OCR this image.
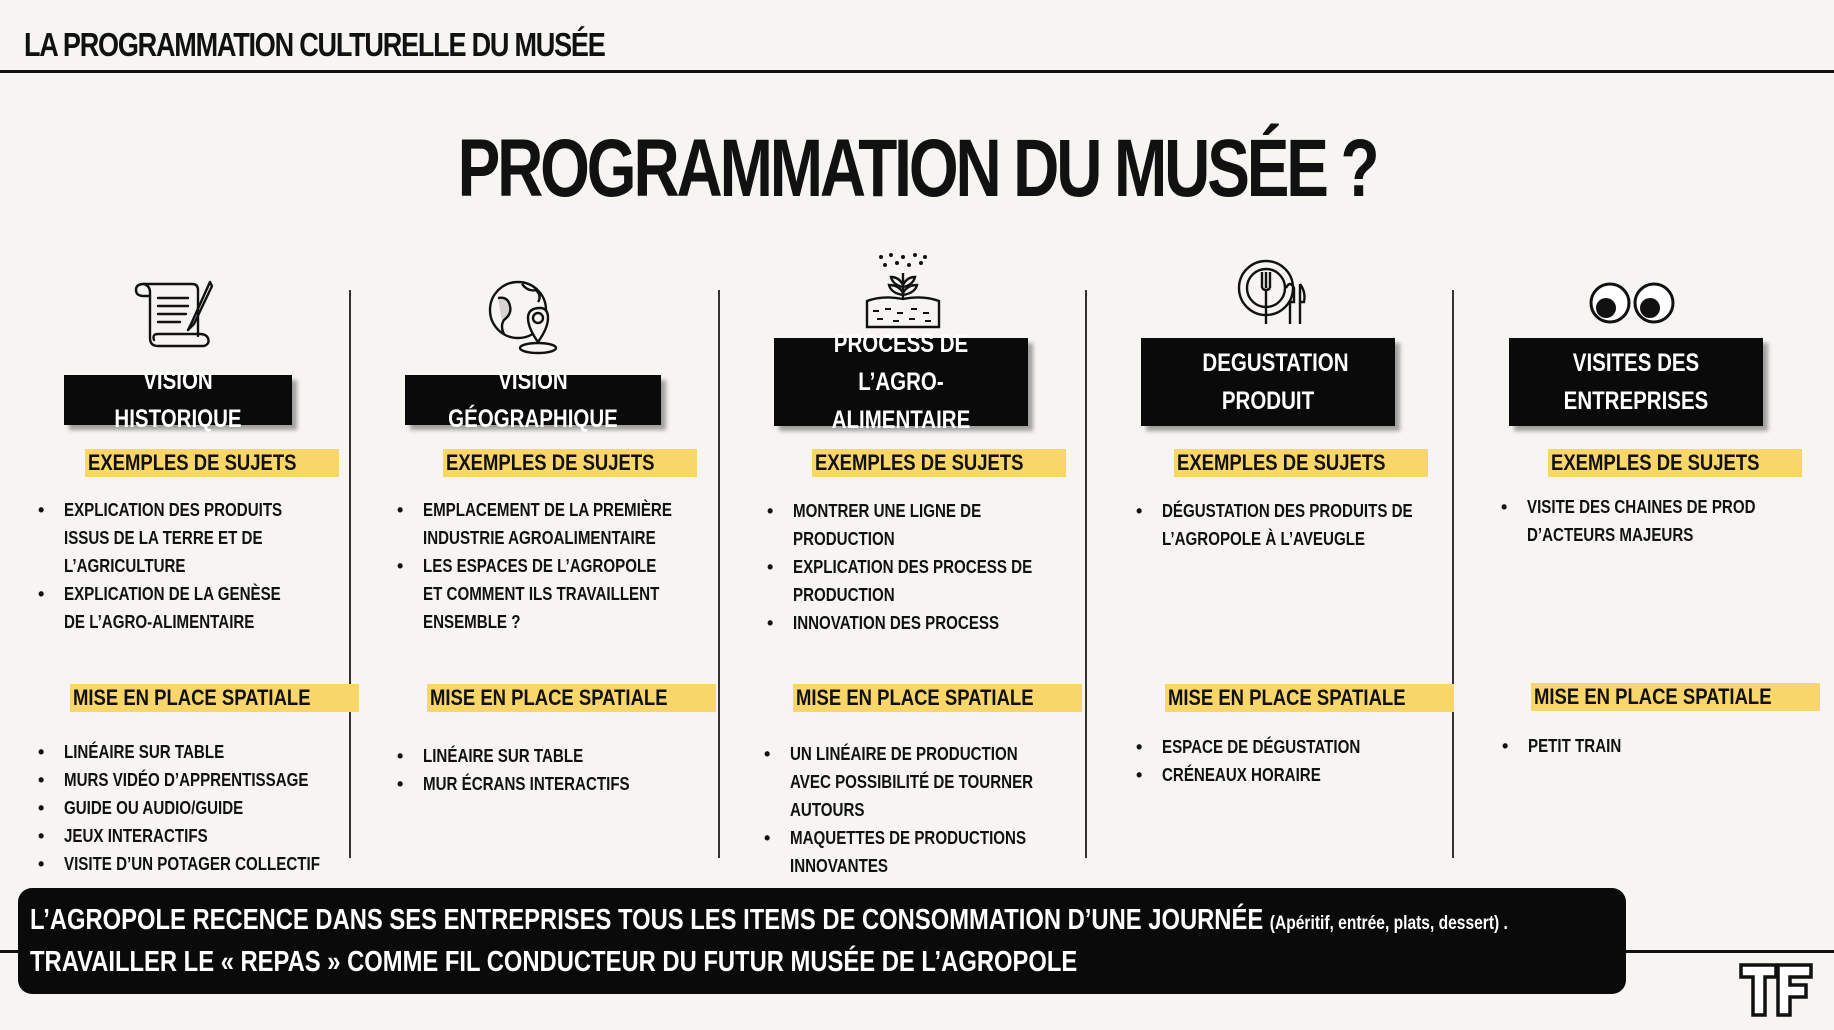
LA PROGRAMMATION CULTURELLE DU MUSÉE
PROGRAMMATION DU MUSÉE ?
VISION HISTORIQUE
EXEMPLES DE SUJETS
• EXPLICATION DES PRODUITS ISSUS DE LA TERRE ET DE L’AGRICULTURE
• EXPLICATION DE LA GENÈSE DE L’AGRO-ALIMENTAIRE
MISE EN PLACE SPATIALE
• LINÉAIRE SUR TABLE
• MURS VIDÉO D’APPRENTISSAGE
• GUIDE OU AUDIO/GUIDE
• JEUX INTERACTIFS
• VISITE D’UN POTAGER COLLECTIF
VISION GÉOGRAPHIQUE
EXEMPLES DE SUJETS
• EMPLACEMENT DE LA PREMIÈRE INDUSTRIE AGROALIMENTAIRE
• LES ESPACES DE L’AGROPOLE ET COMMENT ILS TRAVAILLENT ENSEMBLE ?
MISE EN PLACE SPATIALE
• LINÉAIRE SUR TABLE
• MUR ÉCRANS INTERACTIFS
PROCESS DE L’AGRO-ALIMENTAIRE
EXEMPLES DE SUJETS
• MONTRER UNE LIGNE DE PRODUCTION
• EXPLICATION DES PROCESS DE PRODUCTION
• INNOVATION DES PROCESS
MISE EN PLACE SPATIALE
• UN LINÉAIRE DE PRODUCTION AVEC POSSIBILITÉ DE TOURNER AUTOURS
• MAQUETTES DE PRODUCTIONS INNOVANTES
DEGUSTATION PRODUIT
EXEMPLES DE SUJETS
• DÉGUSTATION DES PRODUITS DE L’AGROPOLE À L’AVEUGLE
MISE EN PLACE SPATIALE
• ESPACE DE DÉGUSTATION
• CRÉNEAUX HORAIRE
VISITES DES ENTREPRISES
EXEMPLES DE SUJETS
• VISITE DES CHAINES DE PROD D’ACTEURS MAJEURS
MISE EN PLACE SPATIALE
• PETIT TRAIN
L’AGROPOLE RECENCE DANS SES ENTREPRISES TOUS LES ITEMS DE CONSOMMATION D’UNE JOURNÉE (Apéritif, entrée, plats, dessert) .
TRAVAILLER LE « REPAS » COMME FIL CONDUCTEUR DU FUTUR MUSÉE DE L’AGROPOLE
